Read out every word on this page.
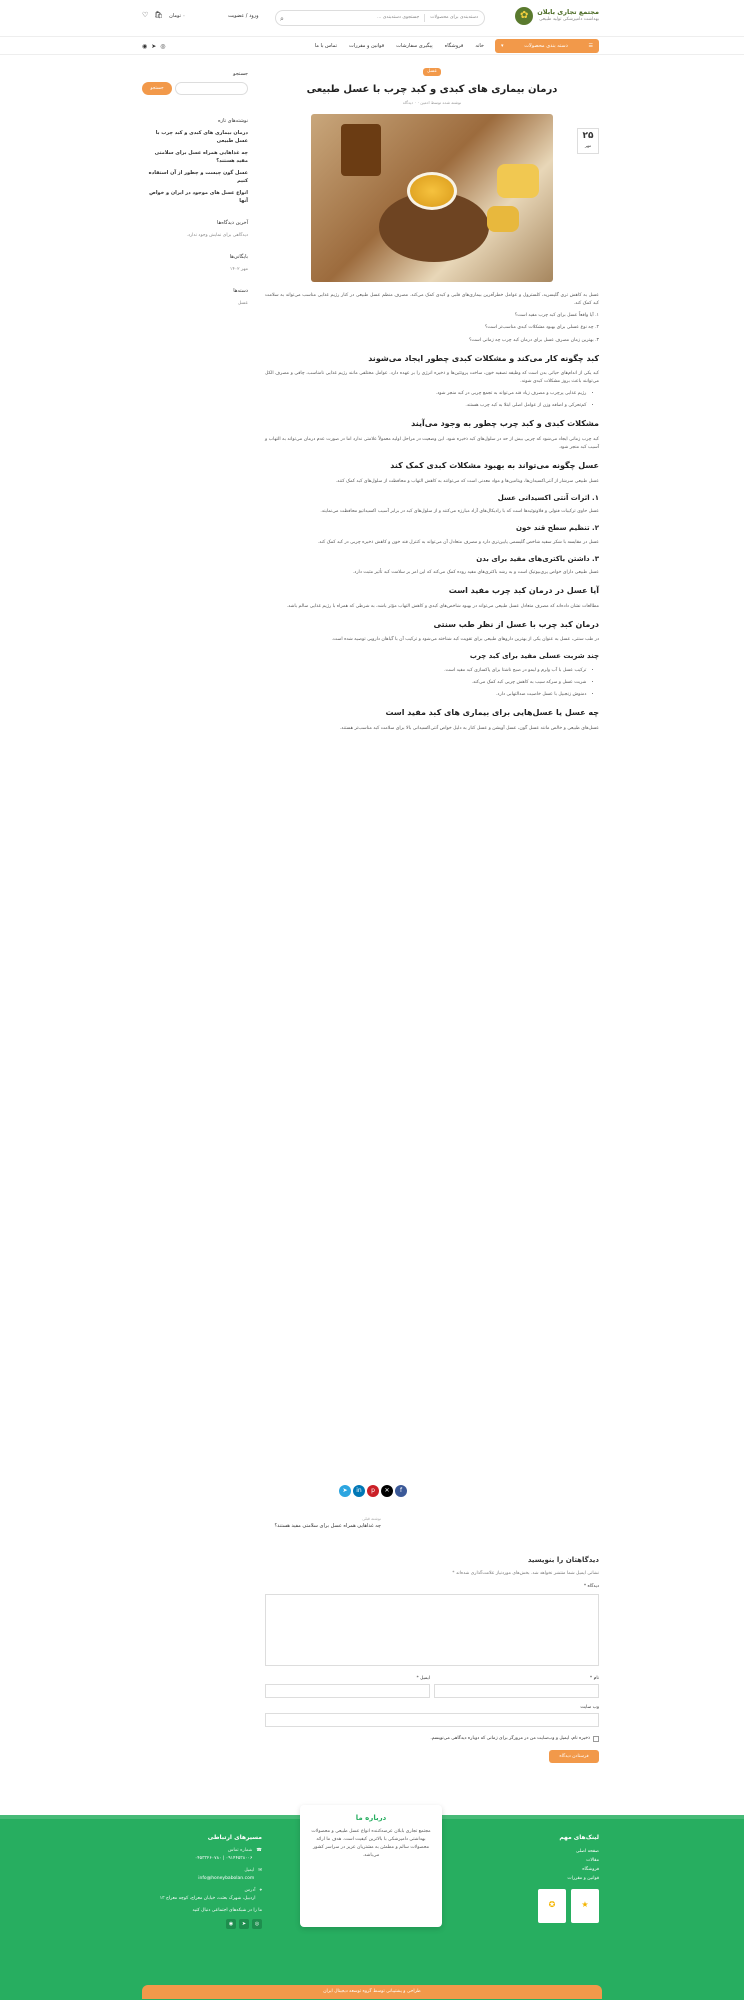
مجتمع تجاری بابلان
بهداشت دامپزشکی تولید طبیعی
✿
دسته‌بندی برای محصولات
جستجوی دسته‌بندی ...
⌕
ورود / عضویت
۰ تومان
🛍
♡
☰
دسته بندی محصولات
▾
خانه
فروشگاه
پیگیری سفارشات
قوانین و مقررات
تماس با ما
◎
➤
◉
عسل
درمان بیماری های کبدی و کبد چرب با عسل طبیعی
نوشته شده توسط ادمین · ۰ دیدگاه
۲۵
مهر

عسل به کاهش تری گلیسرید، کلسترول و عوامل خطرآفرین بیماری‌های قلبی و کبدی کمک می‌کند. مصرف منظم عسل طبیعی در کنار رژیم غذایی مناسب می‌تواند به سلامت کبد کمک کند.

۱. آیا واقعاً عسل برای کبد چرب مفید است؟

۲. چه نوع عسلی برای بهبود مشکلات کبدی مناسب‌تر است؟

۳. بهترین زمان مصرف عسل برای درمان کبد چرب چه زمانی است؟

کبد چگونه کار می‌کند و مشکلات کبدی چطور ایجاد می‌شوند

کبد یکی از اندام‌های حیاتی بدن است که وظیفه تصفیه خون، ساخت پروتئین‌ها و ذخیره انرژی را بر عهده دارد. عوامل مختلفی مانند رژیم غذایی نامناسب، چاقی و مصرف الکل می‌توانند باعث بروز مشکلات کبدی شوند.

• رژیم غذایی پرچرب و مصرف زیاد قند می‌تواند به تجمع چربی در کبد منجر شود.
• کم‌تحرکی و اضافه وزن از عوامل اصلی ابتلا به کبد چرب هستند.
مشکلات کبدی و کبد چرب چطور به وجود می‌آیند

کبد چرب زمانی ایجاد می‌شود که چربی بیش از حد در سلول‌های کبد ذخیره شود. این وضعیت در مراحل اولیه معمولاً علامتی ندارد اما در صورت عدم درمان می‌تواند به التهاب و آسیب کبد منجر شود.

عسل چگونه می‌تواند به بهبود مشکلات کبدی کمک کند

عسل طبیعی سرشار از آنتی‌اکسیدان‌ها، ویتامین‌ها و مواد معدنی است که می‌توانند به کاهش التهاب و محافظت از سلول‌های کبد کمک کنند.

۱. اثرات آنتی اکسیدانی عسل

عسل حاوی ترکیبات فنولی و فلاونوئیدها است که با رادیکال‌های آزاد مبارزه می‌کنند و از سلول‌های کبد در برابر آسیب اکسیداتیو محافظت می‌نمایند.

۲. تنظیم سطح قند خون

عسل در مقایسه با شکر سفید شاخص گلیسمی پایین‌تری دارد و مصرف متعادل آن می‌تواند به کنترل قند خون و کاهش ذخیره چربی در کبد کمک کند.

۳. داشتن باکتری‌های مفید برای بدن

عسل طبیعی دارای خواص پری‌بیوتیک است و به رشد باکتری‌های مفید روده کمک می‌کند که این امر بر سلامت کبد تأثیر مثبت دارد.

آیا عسل در درمان کبد چرب مفید است

مطالعات نشان داده‌اند که مصرف متعادل عسل طبیعی می‌تواند در بهبود شاخص‌های کبدی و کاهش التهاب مؤثر باشد، به شرطی که همراه با رژیم غذایی سالم باشد.

درمان کبد چرب با عسل از نظر طب سنتی

در طب سنتی، عسل به عنوان یکی از بهترین داروهای طبیعی برای تقویت کبد شناخته می‌شود و ترکیب آن با گیاهان دارویی توصیه شده است.

چند شربت عسلی مفید برای کبد چرب
• ترکیب عسل با آب ولرم و لیمو در صبح ناشتا برای پاکسازی کبد مفید است.
• شربت عسل و سرکه سیب به کاهش چربی کبد کمک می‌کند.
• دمنوش زنجبیل با عسل خاصیت ضدالتهابی دارد.
چه عسل یا عسل‌هایی برای بیماری های کبد مفید است

عسل‌های طبیعی و خالص مانند عسل گون، عسل آویشن و عسل کنار به دلیل خواص آنتی‌اکسیدانی بالا برای سلامت کبد مناسب‌تر هستند.

f
✕
p
in
➤
نوشته قبلی
چه غذاهایی همراه عسل برای سلامتی مفید هستند؟
دیدگاهتان را بنویسید
نشانی ایمیل شما منتشر نخواهد شد. بخش‌های موردنیاز علامت‌گذاری شده‌اند *
دیدگاه *
نام *
ایمیل *
وب سایت
ذخیره نام، ایمیل و وب‌سایت من در مرورگر برای زمانی که دوباره دیدگاهی می‌نویسم.
فرستادن دیدگاه
جستجو
جستجو
نوشته‌های تازه
درمان بیماری های کبدی و کبد چرب با عسل طبیعی
چه غذاهایی همراه عسل برای سلامتی مفید هستند؟
عسل گون چیست و چطور از آن استفاده کنیم
انواع عسل های موجود در ایران و خواص آنها
آخرین دیدگاه‌ها
دیدگاهی برای نمایش وجود ندارد.
بایگانی‌ها
مهر ۱۴۰۲
دسته‌ها
عسل
لینک‌های مهم
صفحه اصلی
مقالات
فروشگاه
قوانین و مقررات
★
✪
درباره ما

مجتمع تجاری بابلان عرضه‌کننده انواع عسل طبیعی و محصولات بهداشتی دامپزشکی با بالاترین کیفیت است. هدف ما ارائه محصولات سالم و مطمئن به مشتریان عزیز در سراسر کشور می‌باشد.

مسیرهای ارتباطی
☎
شماره تماس
۰۹۱۴۴۵۳۸۰۰۶ | ۰۴۵۳۳۲۶۰۷۸۰
✉
ایمیل
info@honeybabolan.com
⌖
آدرس
اردبیل، شهرک بعثت، خیابان معراج، کوچه معراج ۱۳
ما را در شبکه‌های اجتماعی دنبال کنید
◎
➤
◉
طراحی و پشتیبانی توسط گروه توسعه دیجیتال ایران
